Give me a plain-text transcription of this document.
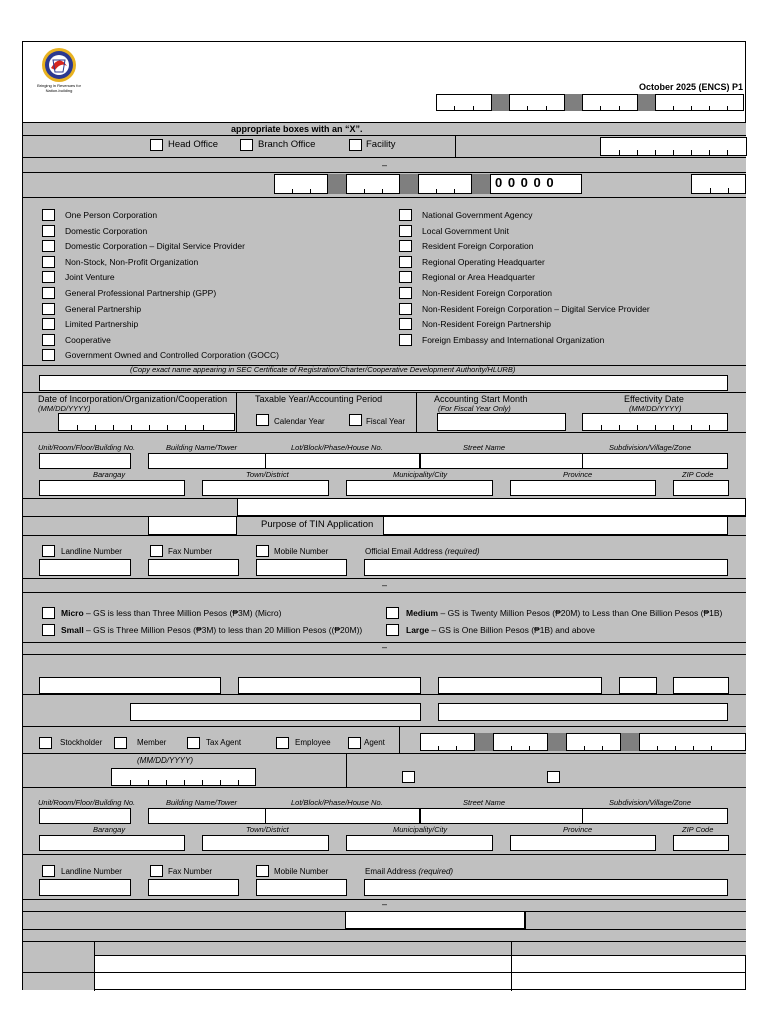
Bringing in Revenues for Nation-building	October 2025 (ENCS) P1
appropriate boxes with an “X”.
Head Office	Branch Office	Facility
–
0 0 0 0 0
(Copy exact name appearing in SEC Certificate of Registration/Charter/Cooperative Development Authority/HLURB)
Date of Incorporation/Organization/Cooperation
(MM/DD/YYYY)
Taxable Year/Accounting Period
Calendar Year	Fiscal Year
Accounting Start Month
(For Fiscal Year Only)
Effectivity Date
(MM/DD/YYYY)
Purpose of TIN Application
–
Micro – GS is less than Three Million Pesos (₱3M) (Micro)
Small – GS is Three Million Pesos (₱3M) to less than 20 Million Pesos ((₱20M))
Medium – GS is Twenty Million Pesos (₱20M) to Less than One Billion Pesos (₱1B)
Large – GS is One Billion Pesos (₱1B) and above
–
(MM/DD/YYYY)
–
One Person Corporation
Domestic Corporation
Domestic Corporation – Digital Service Provider
Non-Stock, Non-Profit Organization
Joint Venture
General Professional Partnership (GPP)
General Partnership
Limited Partnership
Cooperative
Government Owned and Controlled Corporation (GOCC)
National Government Agency
Local Government Unit
Resident Foreign Corporation
Regional Operating Headquarter
Regional or Area Headquarter
Non-Resident Foreign Corporation
Non-Resident Foreign Corporation – Digital Service Provider
Non-Resident Foreign Partnership
Foreign Embassy and International Organization
Unit/Room/Floor/Building No.	Building Name/Tower	Lot/Block/Phase/House No.	Street Name	Subdivision/Village/Zone
Barangay	Town/District	Municipality/City	Province	ZIP Code
Unit/Room/Floor/Building No.	Building Name/Tower	Lot/Block/Phase/House No.	Street Name	Subdivision/Village/Zone
Barangay	Town/District	Municipality/City	Province	ZIP Code
Landline Number	Fax Number	Mobile Number	Official Email Address (required)
Landline Number	Fax Number	Mobile Number	Email Address (required)
Stockholder	Member	Tax Agent	Employee	Agent
